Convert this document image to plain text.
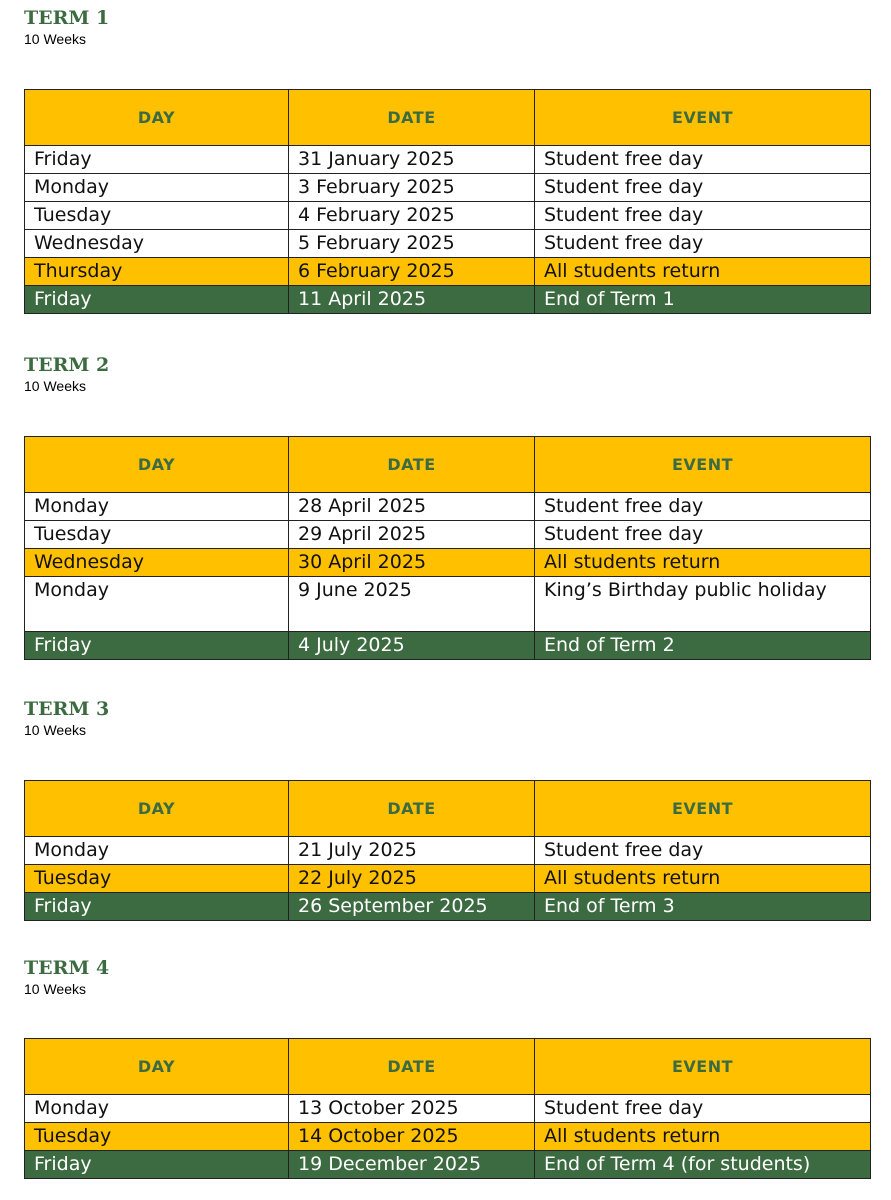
TERM 1
10 Weeks
DAY	DATE	EVENT
Friday	31 January 2025	Student free day
Monday	3 February 2025	Student free day
Tuesday	4 February 2025	Student free day
Wednesday	5 February 2025	Student free day
Thursday	6 February 2025	All students return
Friday	11 April 2025	End of Term 1
TERM 2
10 Weeks
DAY	DATE	EVENT
Monday	28 April 2025	Student free day
Tuesday	29 April 2025	Student free day
Wednesday	30 April 2025	All students return
Monday	9 June 2025	King’s Birthday public holiday
Friday	4 July 2025	End of Term 2
TERM 3
10 Weeks
DAY	DATE	EVENT
Monday	21 July 2025	Student free day
Tuesday	22 July 2025	All students return
Friday	26 September 2025	End of Term 3
TERM 4
10 Weeks
DAY	DATE	EVENT
Monday	13 October 2025	Student free day
Tuesday	14 October 2025	All students return
Friday	19 December 2025	End of Term 4 (for students)
